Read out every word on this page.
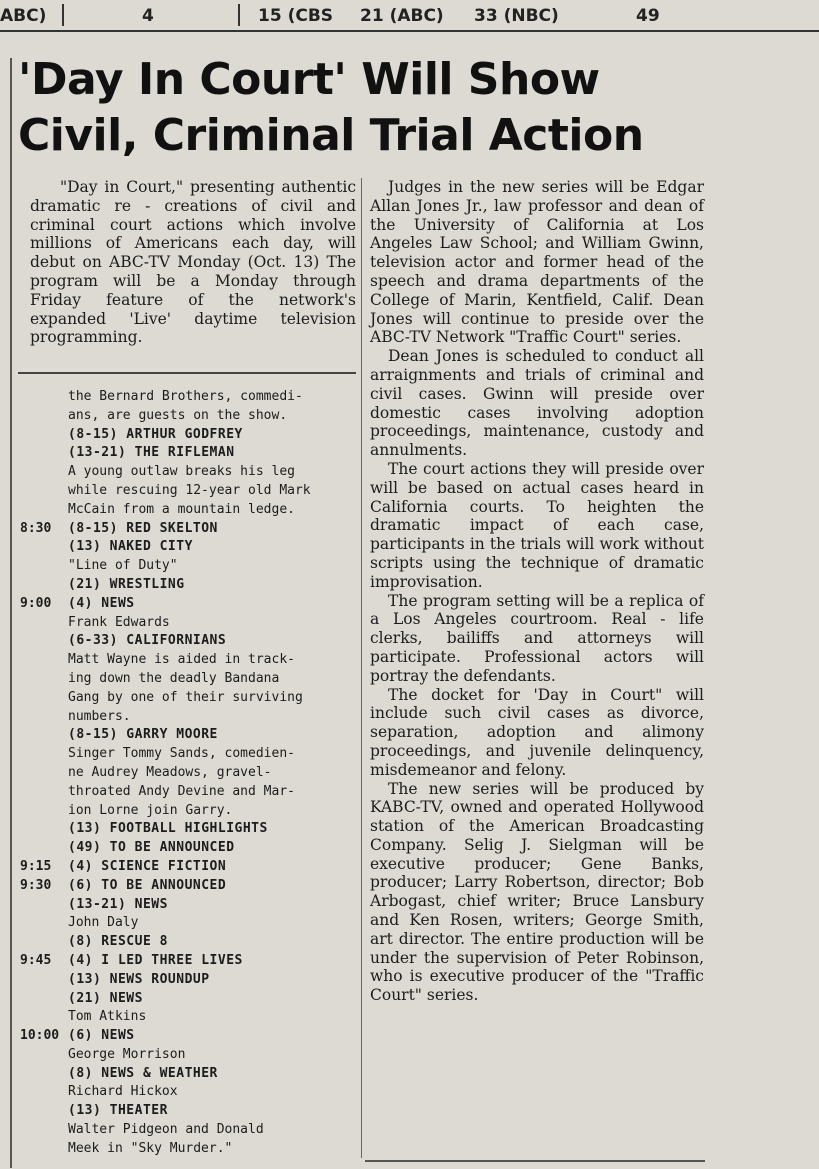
ABC)	4	15 (CBS 21 (ABC) 33 (NBC)	49
'Day In Court' Will Show
Civil, Criminal Trial Action
"Day in Court," presenting authentic dramatic re - creations of civil and criminal court actions which involve millions of Americans each day, will debut on ABC-TV Monday (Oct. 13) The program will be a Monday through Friday feature of the network's expanded 'Live' daytime television programming.
the Bernard Brothers, commedi-
ans, are guests on the show.
(8-15) ARTHUR GODFREY
(13-21) THE RIFLEMAN
A young outlaw breaks his leg
while rescuing 12-year old Mark
McCain from a mountain ledge.
8:30	(8-15) RED SKELTON
(13) NAKED CITY
"Line of Duty"
(21) WRESTLING
9:00	(4) NEWS
Frank Edwards
(6-33) CALIFORNIANS
Matt Wayne is aided in track-
ing down the deadly Bandana
Gang by one of their surviving
numbers.
(8-15) GARRY MOORE
Singer Tommy Sands, comedien-
ne Audrey Meadows, gravel-
throated Andy Devine and Mar-
ion Lorne join Garry.
(13) FOOTBALL HIGHLIGHTS
(49) TO BE ANNOUNCED
9:15	(4) SCIENCE FICTION
9:30	(6) TO BE ANNOUNCED
(13-21) NEWS
John Daly
(8) RESCUE 8
9:45	(4) I LED THREE LIVES
(13) NEWS ROUNDUP
(21) NEWS
Tom Atkins
10:00 (6) NEWS
George Morrison
(8) NEWS & WEATHER
Richard Hickox
(13) THEATER
Walter Pidgeon and Donald
Meek in "Sky Murder."

Judges in the new series will be Edgar Allan Jones Jr., law professor and dean of the University of California at Los Angeles Law School; and William Gwinn, television actor and former head of the speech and drama departments of the College of Marin, Kentfield, Calif. Dean Jones will continue to preside over the ABC-TV Network "Traffic Court" series.

Dean Jones is scheduled to conduct all arraignments and trials of criminal and civil cases. Gwinn will preside over domestic cases involving adoption proceedings, maintenance, custody and annulments.

The court actions they will preside over will be based on actual cases heard in California courts. To heighten the dramatic impact of each case, participants in the trials will work without scripts using the technique of dramatic improvisation.

The program setting will be a replica of a Los Angeles courtroom. Real - life clerks, bailiffs and attorneys will participate. Professional actors will portray the defendants.

The docket for 'Day in Court" will include such civil cases as divorce, separation, adoption and alimony proceedings, and juvenile delinquency, misdemeanor and felony.

The new series will be produced by KABC-TV, owned and operated Hollywood station of the American Broadcasting Company. Selig J. Sielgman will be executive producer; Gene Banks, producer; Larry Robertson, director; Bob Arbogast, chief writer; Bruce Lansbury and Ken Rosen, writers; George Smith, art director. The entire production will be under the supervision of Peter Robinson, who is executive producer of the "Traffic Court" series.
